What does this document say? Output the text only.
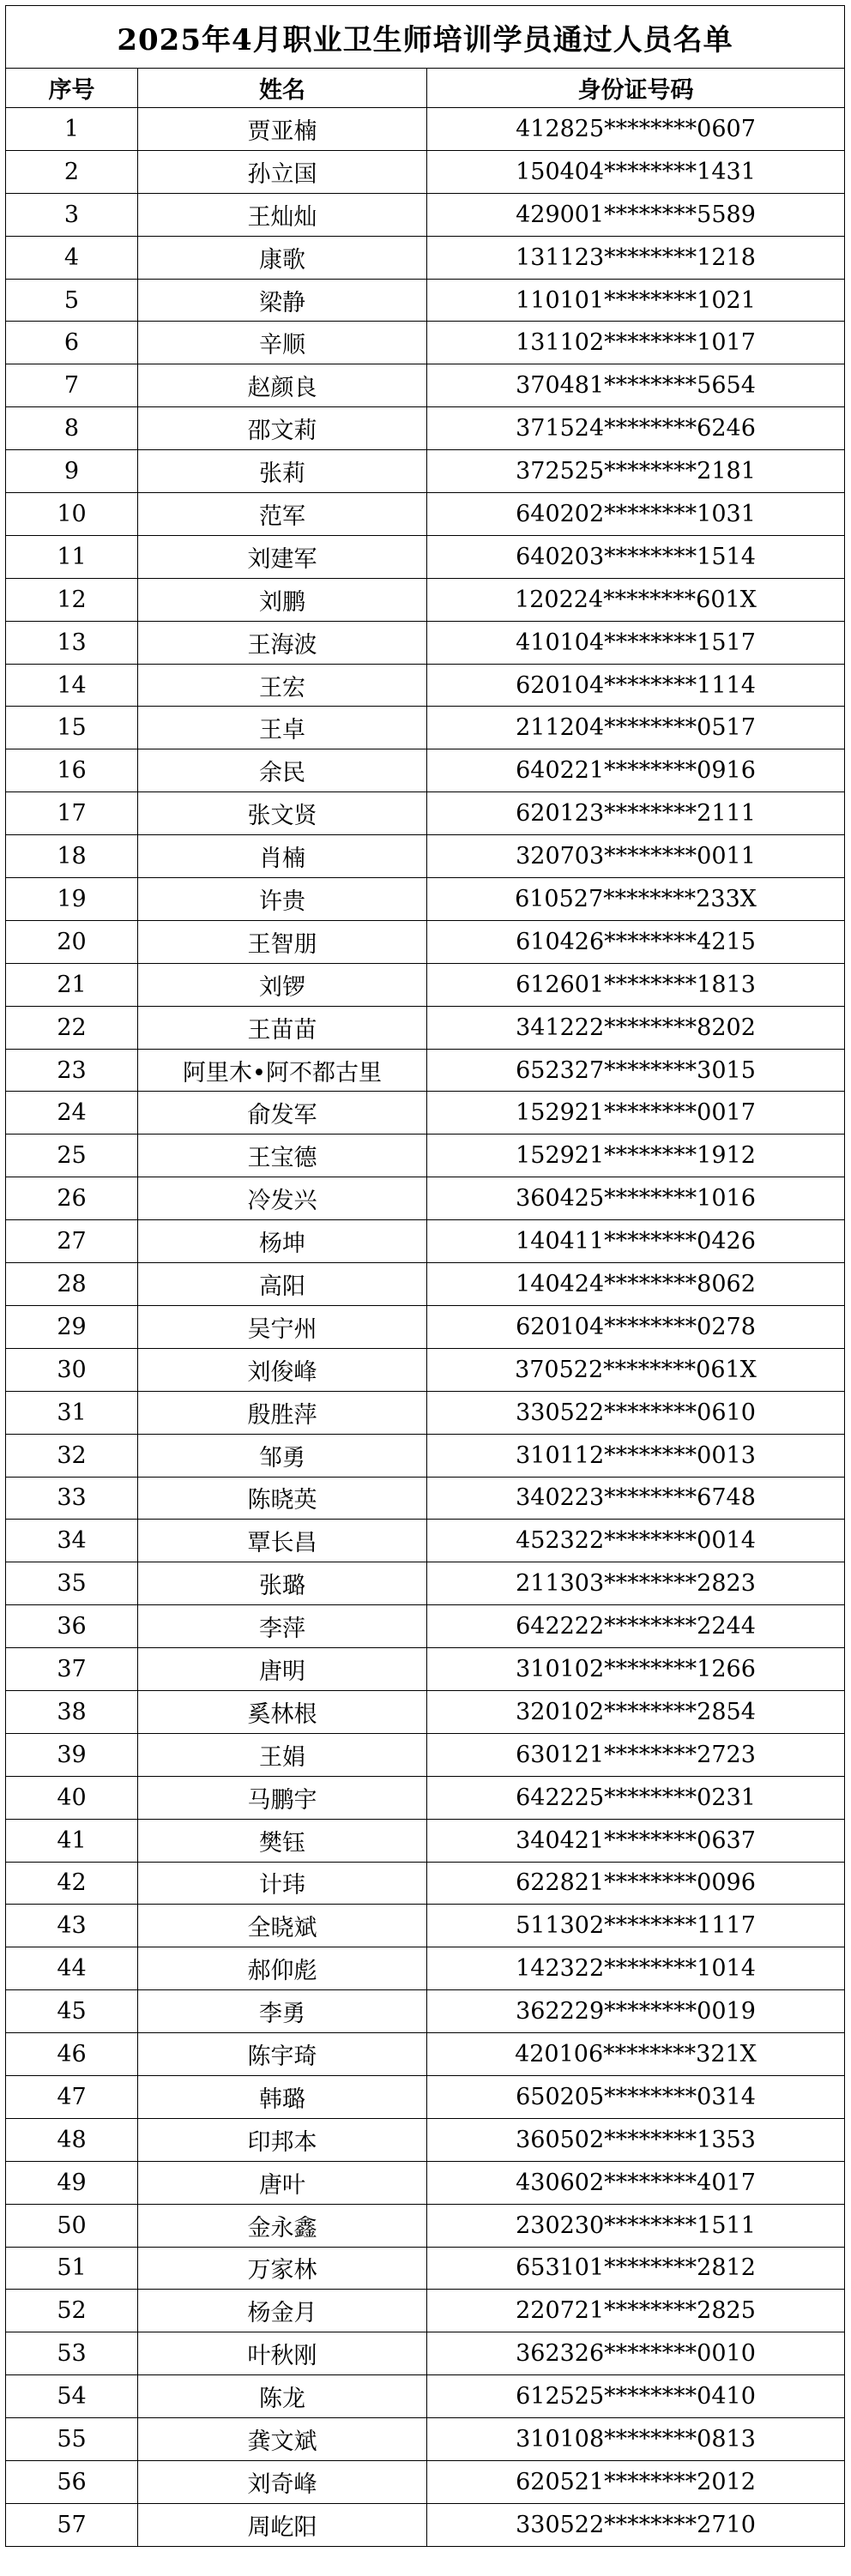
2025年4月职业卫生师培训学员通过人员名单		
序号	姓名	身份证号码
1	贾亚楠	412825********0607
2	孙立国	150404********1431
3	王灿灿	429001********5589
4	康歌	131123********1218
5	梁静	110101********1021
6	辛顺	131102********1017
7	赵颜良	370481********5654
8	邵文莉	371524********6246
9	张莉	372525********2181
10	范军	640202********1031
11	刘建军	640203********1514
12	刘鹏	120224********601X
13	王海波	410104********1517
14	王宏	620104********1114
15	王卓	211204********0517
16	余民	640221********0916
17	张文贤	620123********2111
18	肖楠	320703********0011
19	许贵	610527********233X
20	王智朋	610426********4215
21	刘锣	612601********1813
22	王苗苗	341222********8202
23	阿里木•阿不都古里	652327********3015
24	俞发军	152921********0017
25	王宝德	152921********1912
26	冷发兴	360425********1016
27	杨坤	140411********0426
28	高阳	140424********8062
29	吴宁州	620104********0278
30	刘俊峰	370522********061X
31	殷胜萍	330522********0610
32	邹勇	310112********0013
33	陈晓英	340223********6748
34	覃长昌	452322********0014
35	张璐	211303********2823
36	李萍	642222********2244
37	唐明	310102********1266
38	奚林根	320102********2854
39	王娟	630121********2723
40	马鹏宇	642225********0231
41	樊钰	340421********0637
42	计玮	622821********0096
43	全晓斌	511302********1117
44	郝仰彪	142322********1014
45	李勇	362229********0019
46	陈宇琦	420106********321X
47	韩璐	650205********0314
48	印邦本	360502********1353
49	唐叶	430602********4017
50	金永鑫	230230********1511
51	万家林	653101********2812
52	杨金月	220721********2825
53	叶秋刚	362326********0010
54	陈龙	612525********0410
55	龚文斌	310108********0813
56	刘奇峰	620521********2012
57	周屹阳	330522********2710
